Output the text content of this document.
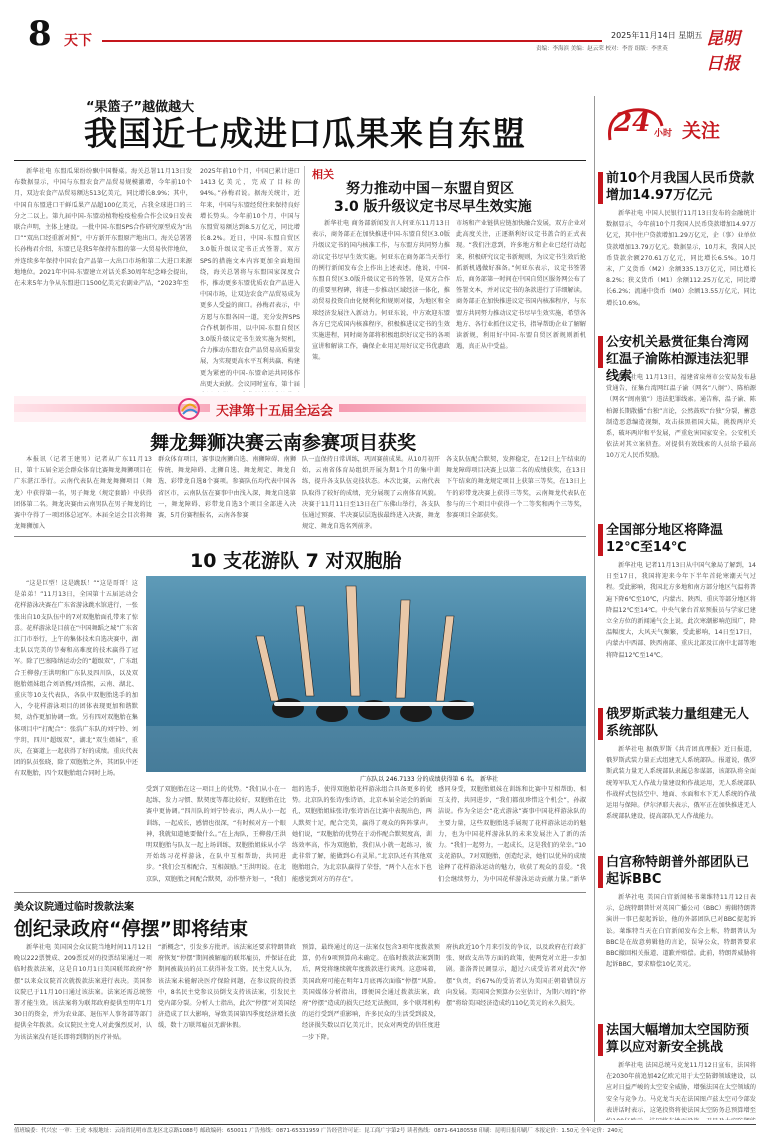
8 天下	2025年11月14日 星期五 昆明日报
责编：李海滨 美编：赵云荣 校对：李晋 组版：李世英
“果篮子”越做越大
我国近七成进口瓜果来自东盟

新华社电 东盟瓜果纷纷飘中国餐桌。海关总署11月13日发布数据显示，中国与东盟农食产品贸易规模激增，今年前10个月，双边农食产品贸易额达513亿美元，同比增长8.9%；其中，中国自东盟进口干鲜瓜果产品超100亿美元，占我全球进口的三分之二以上。第九届中国-东盟动植物检疫检验合作会议9日发表联合声明，主体上建设。一批中国-东盟SPS合作研究原型成为“出口”“双出口经重新对照”，中方新开东盟原产地出口。海关总署署长孙梅君介绍，东盟已是我5年保持东盟的第一大贸易伙伴地位，并连续多年保持中国农食产品第一大出口市场和第二大进口来源地地位。2021年中国-东盟建立对话关系30周年纪念峰会提出，在未来5年力争从东盟进口1500亿美元农副业产品，“2023年至

2025年前10个月，中国已累计进口1413亿美元，完成了目标的94%。”孙梅君说。据海关统计，近年来，中国与东盟经贸往来保持良好增长势头。今年前10个月，中国与东盟贸易额达到8.5万亿元，同比增长8.2%。近日，中国-东盟自贸区3.0版升级议定书正式签署，双方SPS的措施文本内容更加全面地围绕，海关总署将与东盟国家深度合作，推动更多东盟优质农食产品进入中国市场，让双边农食产品贸易成为更多人受益的窗口。孙梅君表示，中方愿与东盟各国一道，充分发挥SPS合作机制作用，以中国-东盟自贸区3.0版升级议定书生效实施为契机，合力推动东盟农食产品贸易高质量发展，为实现更高水平互利共赢、构建更为紧密的中国-东盟命运共同体作出更大贡献。会议同时宣布，第十届

相关
努力推动中国－东盟自贸区
3.0 版升级议定书尽早生效实施

新华社电 商务部新闻发言人何亚东11月13日表示，商务部正在加快推进中国-东盟自贸区3.0版升级议定书的国内核准工作，与东盟方共同努力推动议定书尽早生效实施。何亚东在商务部当天举行的例行新闻发布会上作出上述表述。他说，中国-东盟自贸区3.0版升级议定书的签署，是双方合作的重要里程碑，将进一步推动区域经济一体化，推动贸易投资自由化便利化和规则对接，为地区和全球经济发展注入新动力。何亚东说，中方欢迎东盟各方已完成国内核准程序，积极推进议定书的生效实施进程，同时商务部将积极组织好议定书的各项宣讲和解读工作，确保企业用足用好议定书优惠政策。

市场和产业链供应链加快融合发展，双方企业对此高度关注，正逐渐利好议定书盖合的正式表现。“我们注意到，许多地方和企业已经行动起来，积极研究议定书新规则，为议定书生效后抢抓新机遇做好准备。”何亚东表示，议定书签署后，商务部第一时间在中国自贸区服务网公布了签署文本，并对议定书的条款进行了详细解读。商务部正在加快推进议定书国内核准程序，与东盟方共同努力推动议定书尽早生效实施，希望各地方、各行业抓住议定书，指导帮助企业了解解读新规，利用好中国-东盟自贸区新规则新机遇，真正从中受益。

天津第十五届全运会
舞龙舞狮决赛云南参赛项目获奖

本报讯（记者王建男）记者从广东11月13日，第十五届全运会群众体育比赛舞龙舞狮项目在广东湛江举行。云南代表队在舞龙舞狮项目（舞龙）中获得第一名，男子舞龙（规定套路）中获得团体第二名。舞龙决赛由云南男队在男子舞龙的比赛中夺得了一项团体总冠军。本届全运会目次将舞龙舞狮加入

群众体育项目，赛事设南狮自选、南狮障碍、南狮传统、舞龙障碍、北狮自选、舞龙规定、舞龙自选、彩带龙自选8个赛项。参赛队伍均代表中国各省区市，云南队伍在赛事中由浅入深，舞龙自选第一，舞龙障碍、彩带龙自选3个项目全部进入决赛，5月份赛程报名，云南各参赛

队一直保持日常训练，巩固赛前成果。从10月初开始，云南省体育局组织开展为期1个月的集中训练，提升各支队伍竞技状态。本次比赛，云南代表队取得了较好的成绩，充分展现了云南体育风貌。决赛于11月11日至13日在广东佛山举行，各支队伍通过预赛、半决赛层层选拔最终进入决赛，舞龙规定、舞龙自选名列前茅。

各支队伍配合默契，发挥稳定，在12日上午结束的舞龙障碍项目决赛上以第二名的成绩获奖，在13日下午结束的舞龙规定项目上获第三等奖，在13日上午的彩带龙决赛上获得三等奖，云南舞龙代表队在参与的三个项目中获得一个二等奖和两个三等奖，参赛项目全部获奖。

10 支花游队 7 对双胞胎

“这是巨型！这是跳跃！”“这是哥哥！这是弟弟！”11月13日，全国第十五届运动会花样游泳决赛在广东省游泳跳水馆进行，一张张出自10支队伍中的7对双胞胎面孔带来了惊喜。花样游泳是目前在“中国舞蹈之城”广东省江门市举行，上午的集体技术自选决赛中，湖北队以完美的节奏和高难度的技术赢得了冠军。除了巴塞隆纳运动会的“超级双”，广东组合王柳蓉/王洪明和广东队及四川队，以及双胞胎姐妹组合刘语熙/刘浩熙，云南、湖北、重庆等10支代表队，各队中双胞胎选手的加入，令花样游泳项目的团体表现更加和谐默契，动作更加协调一致。另有四对双胞胎在集体项目中“打配合”：张浩广东队的刘宁铃、刘宇玥，四川“超级双”，湖北“双生姐妹”，重庆，在赛道上一起获得了好的成绩。重庆代表团的队员张晓，除了双胞胎之外，其团队中还有双胞胎，四个双胞胎组合同时上场。

广东队以 246.7133 分的成绩获得第 6 名。 新华社

受到了双胞胎在这一项目上的优势。“我们从小在一起练，发力习惯、默契度等都比较好，双胞胎在比赛中更协调。”四川队的刘宁铃表示，两人从小一起训练，一起成长，感情也很深，“有时候对方一个眼神，我就知道她要做什么。”在上海队，王柳蓉/王洪明双胞胎与队友一起上场训练，双胞胎姐妹从小学开始练习花样游泳，在队中互相帮助，共同进步。“我们会互相配合，互相鼓励。”王洪明说。在北京队，双胞胎之间配合默契，动作整齐划一，“我们

组的选手，使得双胞胎花样游泳组合具备更多的优势。北京队的张诗/张诗语，北京本届全运会的新面孔，双胞胎姐妹张诗/张诗语在比赛中表现出色，两人默契十足，配合完美，赢得了观众的阵阵掌声。她们说，“双胞胎的优势在于动作配合默契度高，训练效率高，作为双胞胎，我们从小就一起练习，彼此非常了解，能做到心有灵犀。”北京队还有其他双胞胎组合，为北京队赢得了荣誉，“两个人在水下也能感觉到对方的存在”。

感同身受，双胞胎姐妹在训练和比赛中互相帮助、相互支持，共同进步，“我们都很珍惜这个机会”，孙淑洁说。作为全运会“花式游泳”赛事中国花样游泳队的主要力量，这些双胞胎选手展现了花样游泳运动的魅力，也为中国花样游泳队的未来发展注入了新的活力。“我们一起努力，一起成长，这是我们的荣幸。”10支花游队，7对双胞胎，创造纪录，她们以优异的成绩诠释了花样游泳运动的魅力，收获了观众的喜爱。“我们会继续努力，为中国花样游泳运动贡献力量。”新华

美众议院通过临时拨款法案
创纪录政府“停摆”即将结束

新华社电 美国国会众议院当地时间11月12日晚以222票赞成、209票反对的投票结果通过一项临时拨款法案，这是自10月1日美国联邦政府“停摆”以来众议院首次就拨款法案进行表决。美国参议院已于11月10日通过该法案。法案还需总统签署才能生效。该法案将为联邦政府提供至明年1月30日的资金，并为农业部、退伍军人事务部等部门提供全年拨款。众议院民主党人对此强烈反对，认为该法案没有延长即将到期的医疗补贴。

“新概念”，引发多方批评。该法案还要求特朗普政府恢复“停摆”期间被解雇的联邦雇员，并保证在此期间被裁员的员工获得补发工资。民主党人认为，该法案未能解决医疗保险问题，在参议院的投票中，8名民主党参议员倒戈支持该法案，引发民主党内部分裂。分析人士指出，此次“停摆”对美国经济造成了巨大影响，导致美国第四季度经济增长放缓，数十万联邦雇员无薪休假。

预算，最终通过的这一法案仅包含3项年度拨款预算，仍有9项预算尚未确定。在临时拨款法案到期后，两党将继续就年度拨款进行谈判。这意味着，美国政府可能在明年1月底再次面临“停摆”风险。美国媒体分析指出，即便国会通过拨款法案，政府“停摆”造成的损失已经无法挽回，多个联邦机构的运行受到严重影响，许多民众的生活受到波及，经济损失数以百亿美元计，民众对两党的信任度进一步下降。

府执政近10个月来引发的争议，以及政府在行政扩张、财政支出等方面的政策，使两党对立进一步加剧。盖洛普民调显示，超过六成受访者对此次“停摆”负责，约67%的受访者认为美国正朝着错误方向发展。美国国会预算办公室估计，为期六周的“停摆”将给美国经济造成约110亿美元的永久损失。

24 小时 关注
前10个月我国人民币贷款增加14.97万亿元

新华社电 中国人民银行11月13日发布的金融统计数据显示，今年前10个月我国人民币贷款增加14.97万亿元，其中住户贷款增加1.29万亿元，企（事）业单位贷款增加13.79万亿元。数据显示，10月末，我国人民币贷款余额270.61万亿元，同比增长6.5%。10月末，广义货币（M2）余额335.13万亿元，同比增长8.2%；狭义货币（M1）余额112.25万亿元，同比增长6.2%；流通中货币（M0）余额13.55万亿元，同比增长10.6%。

公安机关悬赏征集台湾网红温子渝陈柏源违法犯罪线索

新华社电 11月13日，福建省泉州市公安局发布悬赏通告，征集台湾网红温子渝（网名“八炯”）、陈柏源（网名“闽南狼”）违法犯罪线索。通告称，温子渝、陈柏源长期散播“台独”言论，公然鼓吹“台独”分裂，蓄意制造恶意编造视频，攻击抹黑祖国大陆，挑拨两岸关系，破坏两岸和平发展，严重危害国家安全。公安机关依法对其立案侦查。对提供有效线索的人员给予最高10万元人民币奖励。

全国部分地区将降温12℃至14℃

新华社电 记者11月13日从中国气象局了解到，14日至17日，我国将迎来今年下半年首轮寒潮天气过程。受此影响，我国北方多地和南方部分地区气温将普遍下降6℃至10℃，内蒙古、陕西、重庆等部分地区将降温12℃至14℃。中央气象台首席预报员与学家已建立全方位的新闻通气会上说，此次寒潮影响范围广，降温幅度大，大风天气频繁，受此影响，14日至17日，内蒙古中西部、陕西南部、重庆北部及江南中北部等地将降温12℃至14℃。

俄罗斯武装力量组建无人系统部队

新华社电 据俄罗斯《共青团真理报》近日报道，俄罗斯武装力量正式组建无人系统部队。报道说，俄罗斯武装力量无人系统部队隶属总参谋部，该部队将全面统筹军队无人作战力量建设和作战运用，无人系统部队作战样式包括空中、地面、水面和水下无人系统的作战运用与保障。伊尔泽耶夫表示，俄军正在加快推进无人系统部队建设，提高部队无人作战能力。

白宫称特朗普外部团队已起诉BBC

新华社电 美国白宫新闻秘书莱维特11月12日表示，总统特朗普针对英国广播公司（BBC）剪辑特朗普演讲一事已提起诉讼，他的外部团队已对BBC提起诉讼。莱维特当天在白宫新闻发布会上称，特朗普认为BBC是在故意剪辑他的言论，误导公众，特朗普要求BBC撤回相关报道、道歉并赔偿。此前，特朗普威胁将起诉BBC，要求赔偿10亿美元。

法国大幅增加太空国防预算以应对新安全挑战

新华社电 法国总统马克龙11月12日宣布，法国将在2030年前追加42亿欧元用于太空防御领域建设，以应对日益严峻的太空安全威胁，增强法国在太空领域的安全与竞争力。马克龙当天在法国图卢兹太空司令部发表讲话时表示，这笔投资将使法国太空防务总预算增至

值班编委：代兴宏 一审：王虎 本报地址：云南省昆明市盘龙区北京路1088号 邮政编码：650011 广告热线：0871-65331959 广告经营许可证：昆工商广字第2号 读者热线：0871-64180558 印刷：昆明日报印刷厂 本报定价：1.50元 全年定价：240元
